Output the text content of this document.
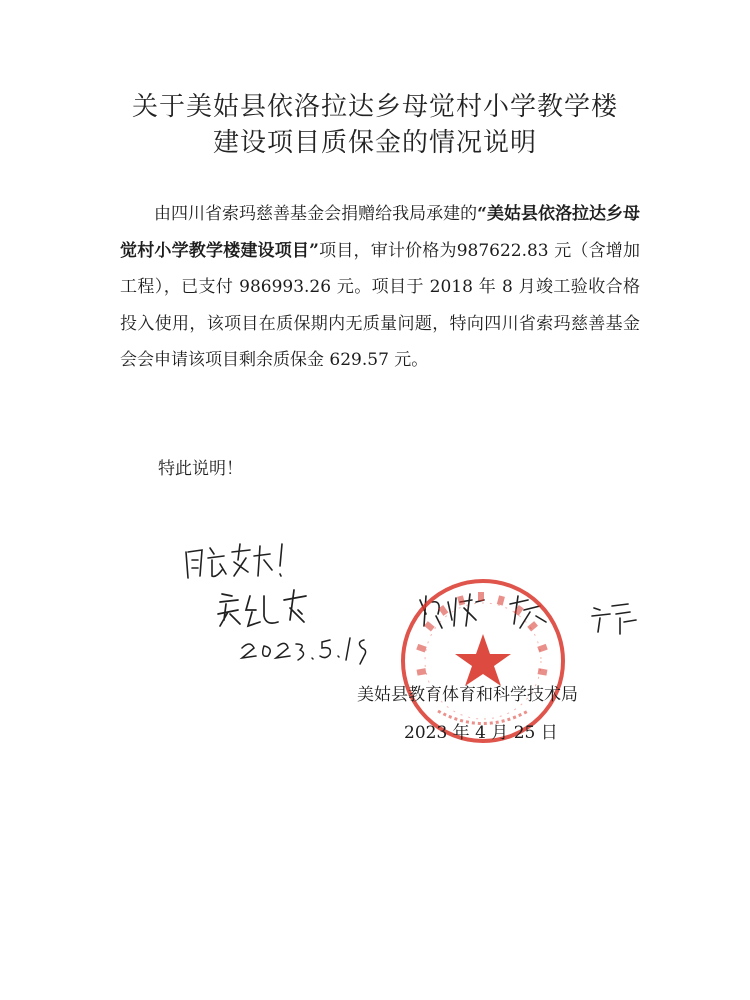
关于美姑县依洛拉达乡母觉村小学教学楼
建设项目质保金的情况说明
由四川省索玛慈善基金会捐赠给我局承建的“美姑县依洛拉达乡母觉村小学教学楼建设项目”项目，审计价格为987622.83 元（含增加工程），已支付 986993.26 元。项目于 2018 年 8 月竣工验收合格投入使用，该项目在质保期内无质量问题，特向四川省索玛慈善基金会会申请该项目剩余质保金 629.57 元。
特此说明！
美姑县教育体育和科学技术局
2023 年 4 月 25 日
